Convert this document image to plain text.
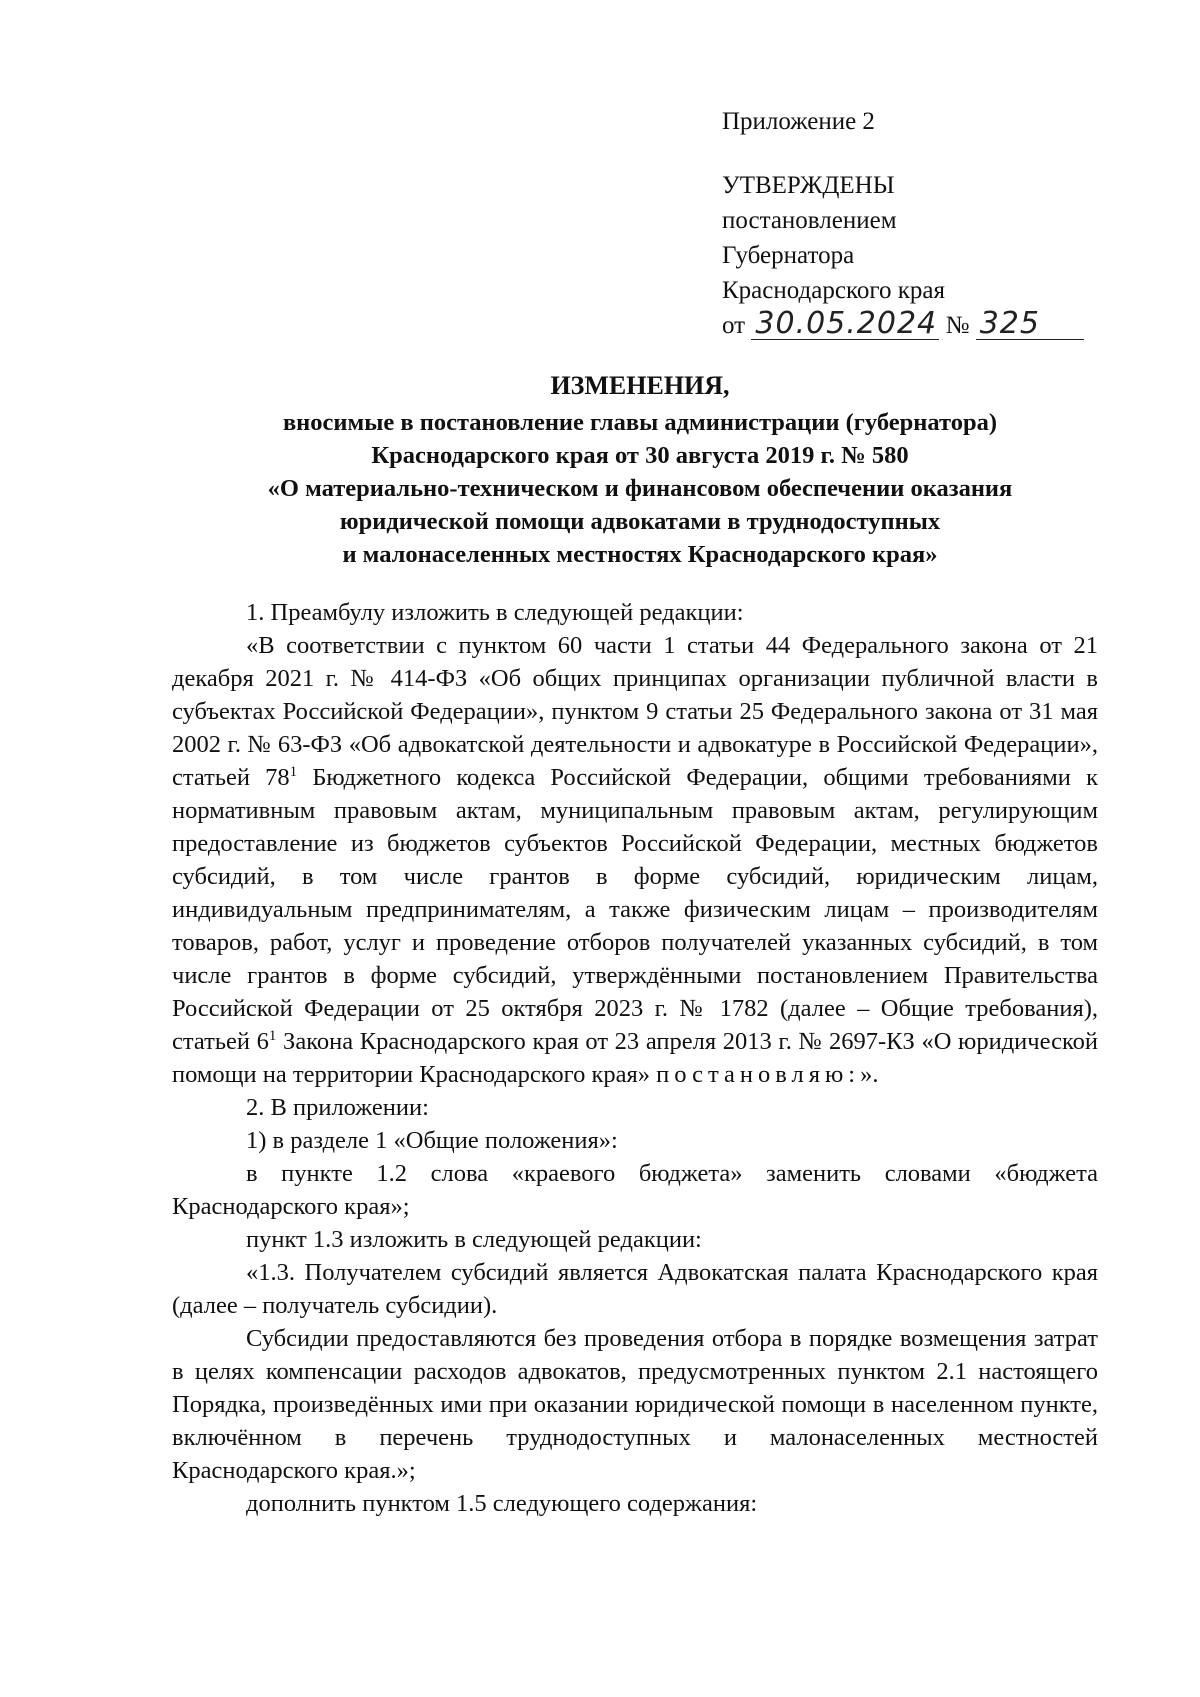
Приложение 2
УТВЕРЖДЕНЫ
постановлением
Губернатора
Краснодарского края
от 30.05.2024 № 325
ИЗМЕНЕНИЯ,
вносимые в постановление главы администрации (губернатора)
Краснодарского края от 30 августа 2019 г. № 580
«О материально-техническом и финансовом обеспечении оказания
юридической помощи адвокатами в труднодоступных
и малонаселенных местностях Краснодарского края»

1. Преамбулу изложить в следующей редакции:

«В соответствии с пунктом 60 части 1 статьи 44 Федерального закона от 21 декабря 2021 г. № 414-ФЗ «Об общих принципах организации публичной власти в субъектах Российской Федерации», пунктом 9 статьи 25 Федерального закона от 31 мая 2002 г. № 63-ФЗ «Об адвокатской деятельности и адвокатуре в Российской Федерации», статьей $78^1$ Бюджетного кодекса Российской Федерации, общими требованиями к нормативным правовым актам, муниципальным правовым актам, регулирующим предоставление из бюджетов субъектов Российской Федерации, местных бюджетов субсидий, в том числе грантов в форме субсидий, юридическим лицам, индивидуальным предпринимателям, а также физическим лицам – производителям товаров, работ, услуг и проведение отборов получателей указанных субсидий, в том числе грантов в форме субсидий, утверждёнными постановлением Правительства Российской Федерации от 25 октября 2023 г. № 1782 (далее – Общие требования), статьей $6^1$ Закона Краснодарского края от 23 апреля 2013 г. № 2697-КЗ «О юридической помощи на территории Краснодарского края» постановляю:».

2. В приложении:

1) в разделе 1 «Общие положения»:

в пункте 1.2 слова «краевого бюджета» заменить словами «бюджета Краснодарского края»;

пункт 1.3 изложить в следующей редакции:

«1.3. Получателем субсидий является Адвокатская палата Краснодарского края (далее – получатель субсидии).

Субсидии предоставляются без проведения отбора в порядке возмещения затрат в целях компенсации расходов адвокатов, предусмотренных пунктом 2.1 настоящего Порядка, произведённых ими при оказании юридической помощи в населенном пункте, включённом в перечень труднодоступных и малонаселенных местностей Краснодарского края.»;

дополнить пунктом 1.5 следующего содержания:
